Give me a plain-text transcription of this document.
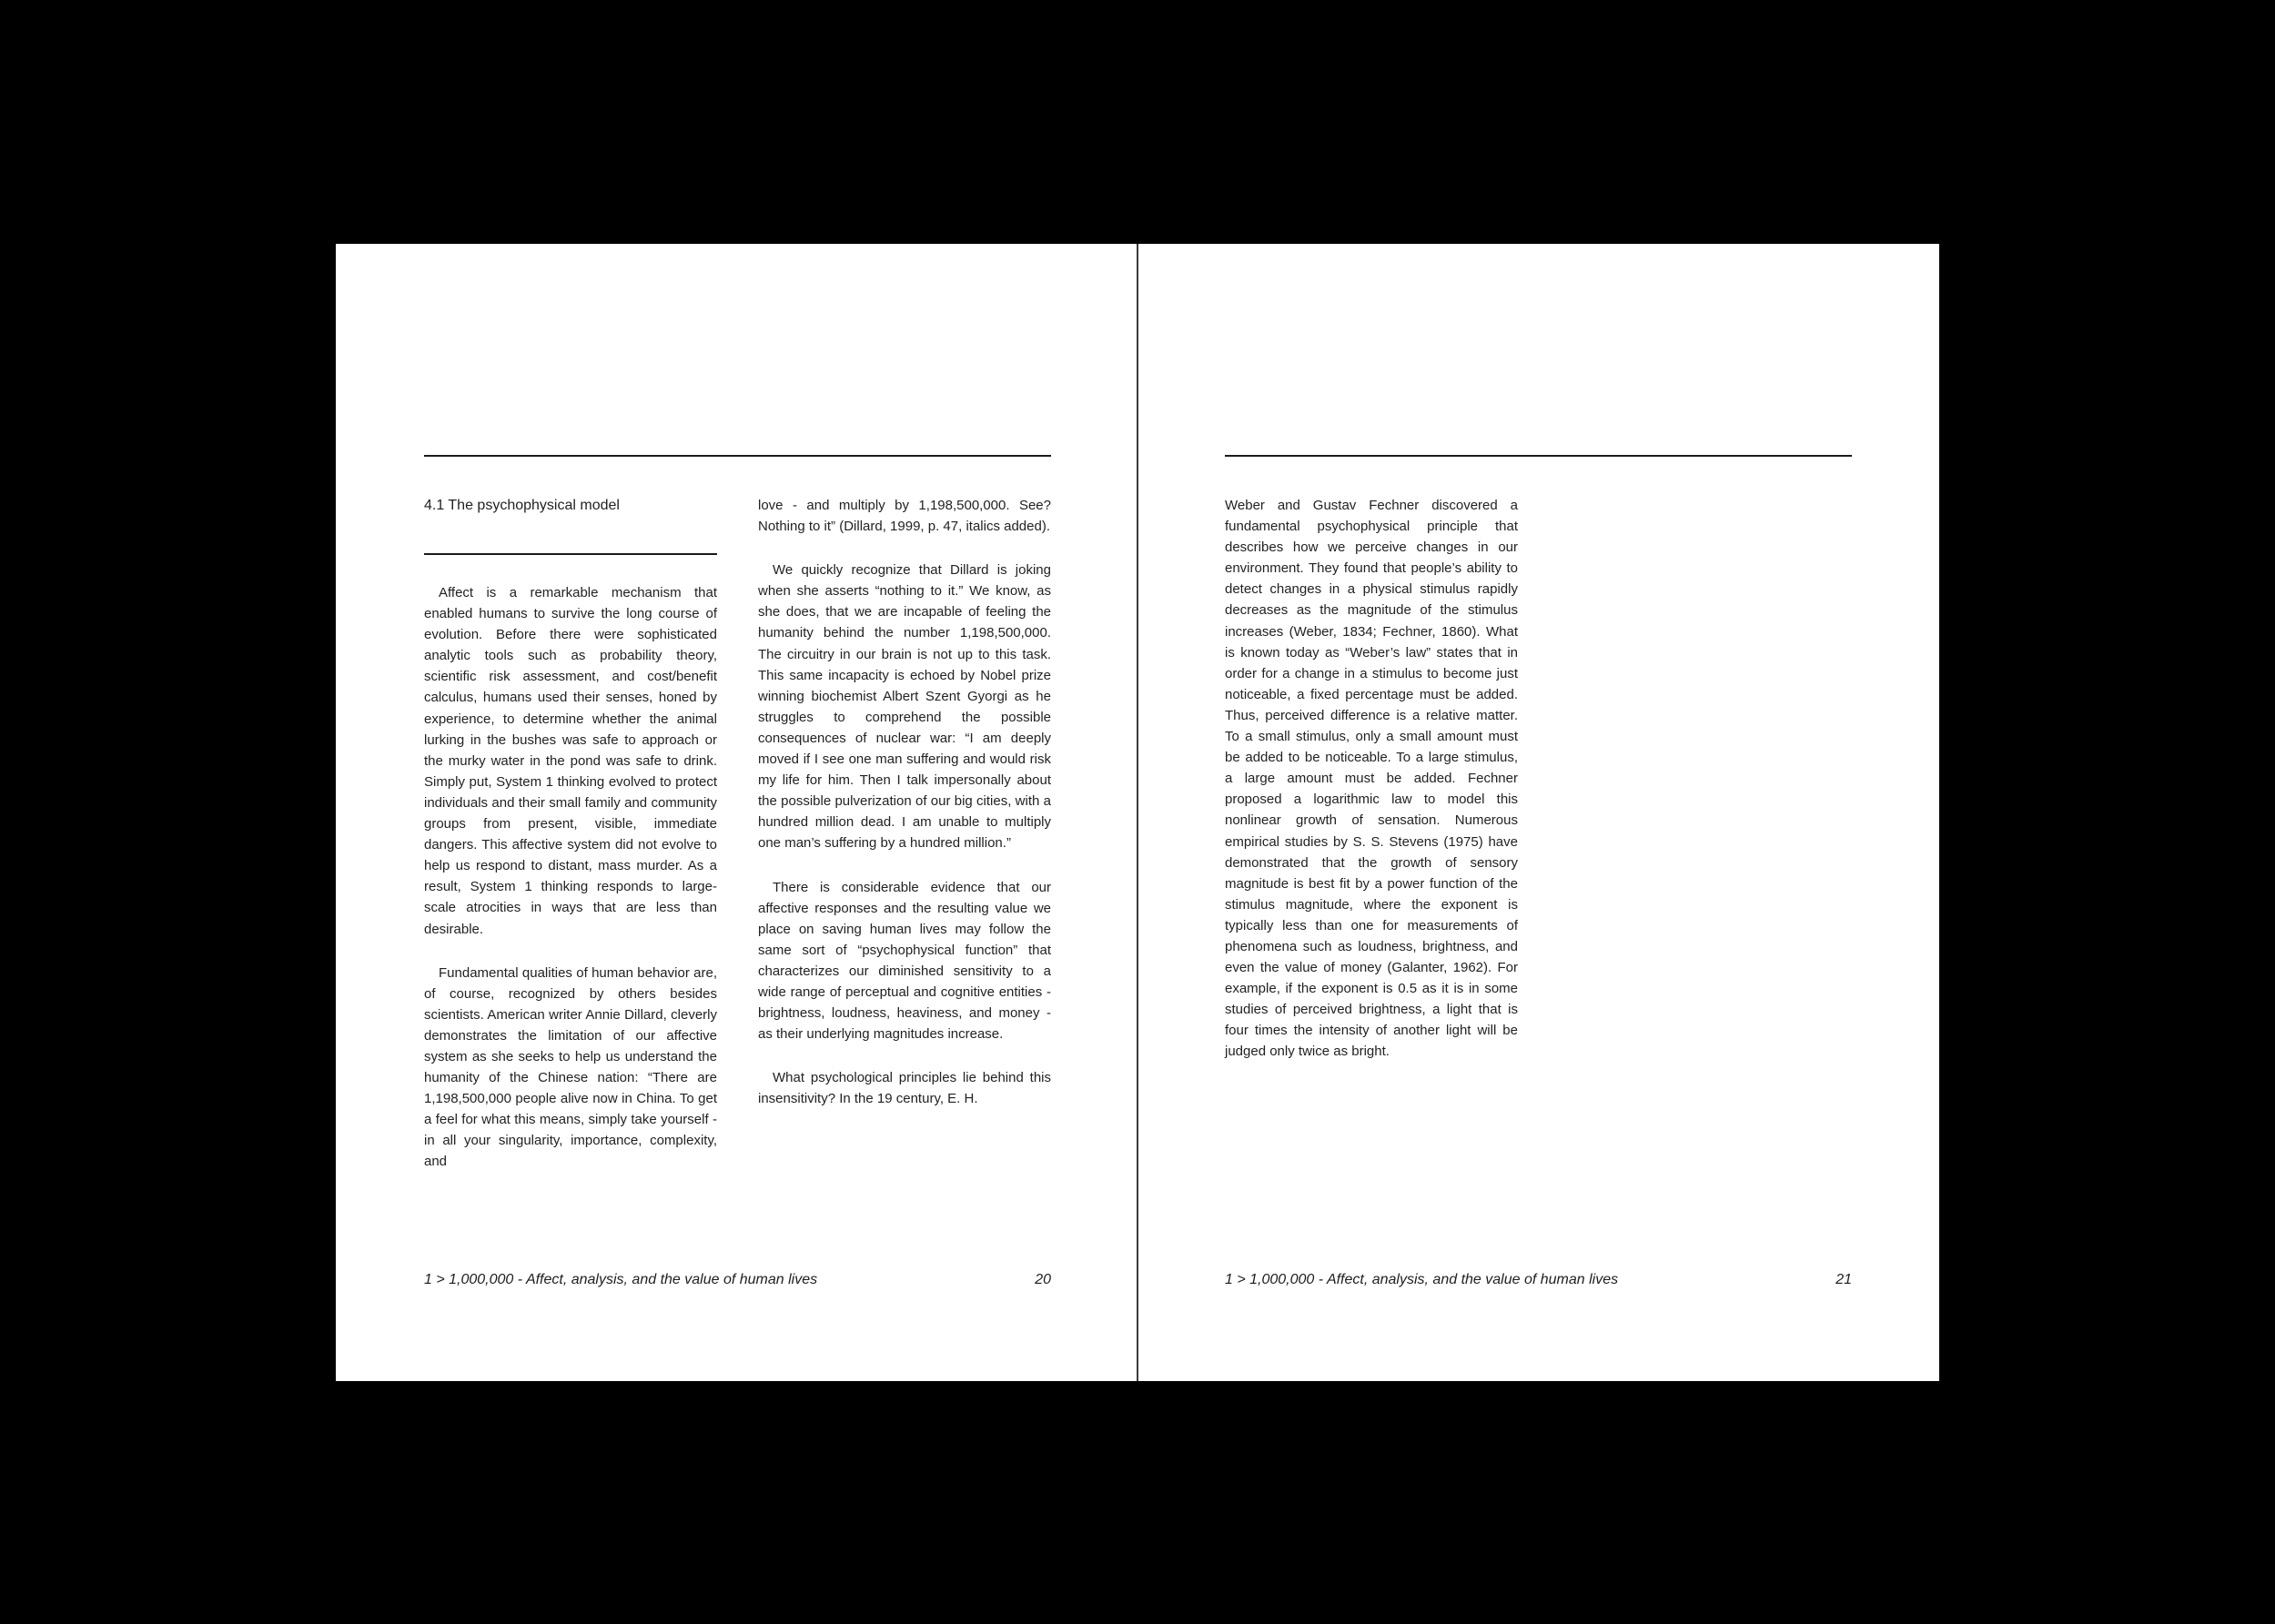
4.1 The psychophysical model

Affect is a remarkable mechanism that enabled humans to survive the long course of evolution. Before there were sophisticated analytic tools such as probability theory, scientific risk assessment, and cost/benefit calculus, humans used their senses, honed by experience, to determine whether the animal lurking in the bushes was safe to approach or the murky water in the pond was safe to drink. Simply put, System 1 thinking evolved to protect individuals and their small family and community groups from present, visible, immediate dangers. This affective system did not evolve to help us respond to distant, mass murder. As a result, System 1 thinking responds to large-scale atrocities in ways that are less than desirable.

Fundamental qualities of human behavior are, of course, recognized by others besides scientists. American writer Annie Dillard, cleverly demonstrates the limitation of our affective system as she seeks to help us understand the humanity of the Chinese nation: “There are 1,198,500,000 people alive now in China. To get a feel for what this means, simply take yourself - in all your singularity, importance, complexity, and

love - and multiply by 1,198,500,000. See? Nothing to it” (Dillard, 1999, p. 47, italics added).

We quickly recognize that Dillard is joking when she asserts “nothing to it.” We know, as she does, that we are incapable of feeling the humanity behind the number 1,198,500,000. The circuitry in our brain is not up to this task. This same incapacity is echoed by Nobel prize winning biochemist Albert Szent Gyorgi as he struggles to comprehend the possible consequences of nuclear war: “I am deeply moved if I see one man suffering and would risk my life for him. Then I talk impersonally about the possible pulverization of our big cities, with a hundred million dead. I am unable to multiply one man’s suffering by a hundred million.”

There is considerable evidence that our affective responses and the resulting value we place on saving human lives may follow the same sort of “psychophysical function” that characterizes our diminished sensitivity to a wide range of perceptual and cognitive entities - brightness, loudness, heaviness, and money - as their underlying magnitudes increase.

What psychological principles lie behind this insensitivity? In the 19 century, E. H.

1 > 1,000,000 - Affect, analysis, and the value of human lives	20

Weber and Gustav Fechner discovered a fundamental psychophysical principle that describes how we perceive changes in our environment. They found that people’s ability to detect changes in a physical stimulus rapidly decreases as the magnitude of the stimulus increases (Weber, 1834; Fechner, 1860). What is known today as “Weber’s law” states that in order for a change in a stimulus to become just noticeable, a fixed percentage must be added. Thus, perceived difference is a relative matter. To a small stimulus, only a small amount must be added to be noticeable. To a large stimulus, a large amount must be added. Fechner proposed a logarithmic law to model this nonlinear growth of sensation. Numerous empirical studies by S. S. Stevens (1975) have demonstrated that the growth of sensory magnitude is best fit by a power function of the stimulus magnitude, where the exponent is typically less than one for measurements of phenomena such as loudness, brightness, and even the value of money (Galanter, 1962). For example, if the exponent is 0.5 as it is in some studies of perceived brightness, a light that is four times the intensity of another light will be judged only twice as bright.

1 > 1,000,000 - Affect, analysis, and the value of human lives	21
